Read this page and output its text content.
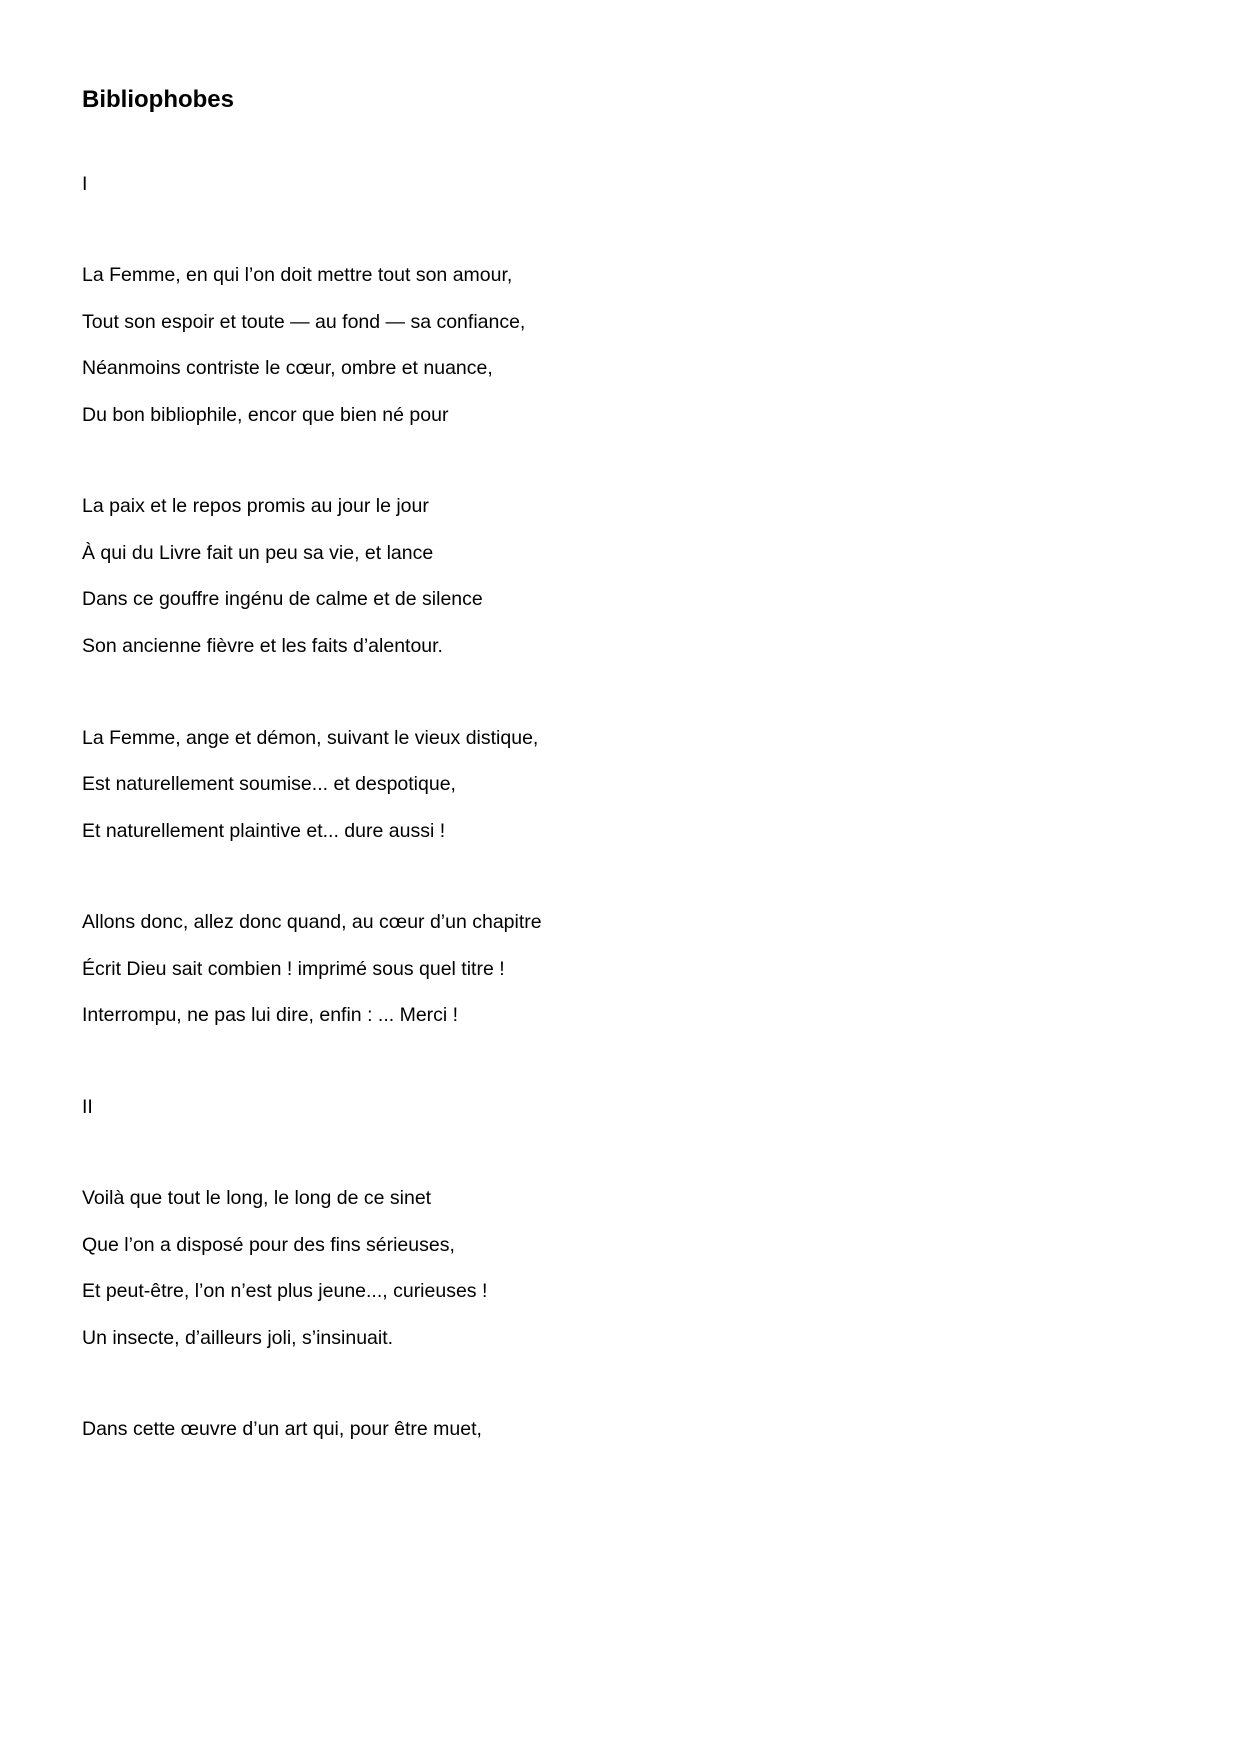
Bibliophobes

I

La Femme, en qui l’on doit mettre tout son amour,

Tout son espoir et toute — au fond — sa confiance,

Néanmoins contriste le cœur, ombre et nuance,

Du bon bibliophile, encor que bien né pour

La paix et le repos promis au jour le jour

À qui du Livre fait un peu sa vie, et lance

Dans ce gouffre ingénu de calme et de silence

Son ancienne fièvre et les faits d’alentour.

La Femme, ange et démon, suivant le vieux distique,

Est naturellement soumise... et despotique,

Et naturellement plaintive et... dure aussi !

Allons donc, allez donc quand, au cœur d’un chapitre

Écrit Dieu sait combien ! imprimé sous quel titre !

Interrompu, ne pas lui dire, enfin : ... Merci !

II

Voilà que tout le long, le long de ce sinet

Que l’on a disposé pour des fins sérieuses,

Et peut-être, l’on n’est plus jeune..., curieuses !

Un insecte, d’ailleurs joli, s’insinuait.

Dans cette œuvre d’un art qui, pour être muet,
